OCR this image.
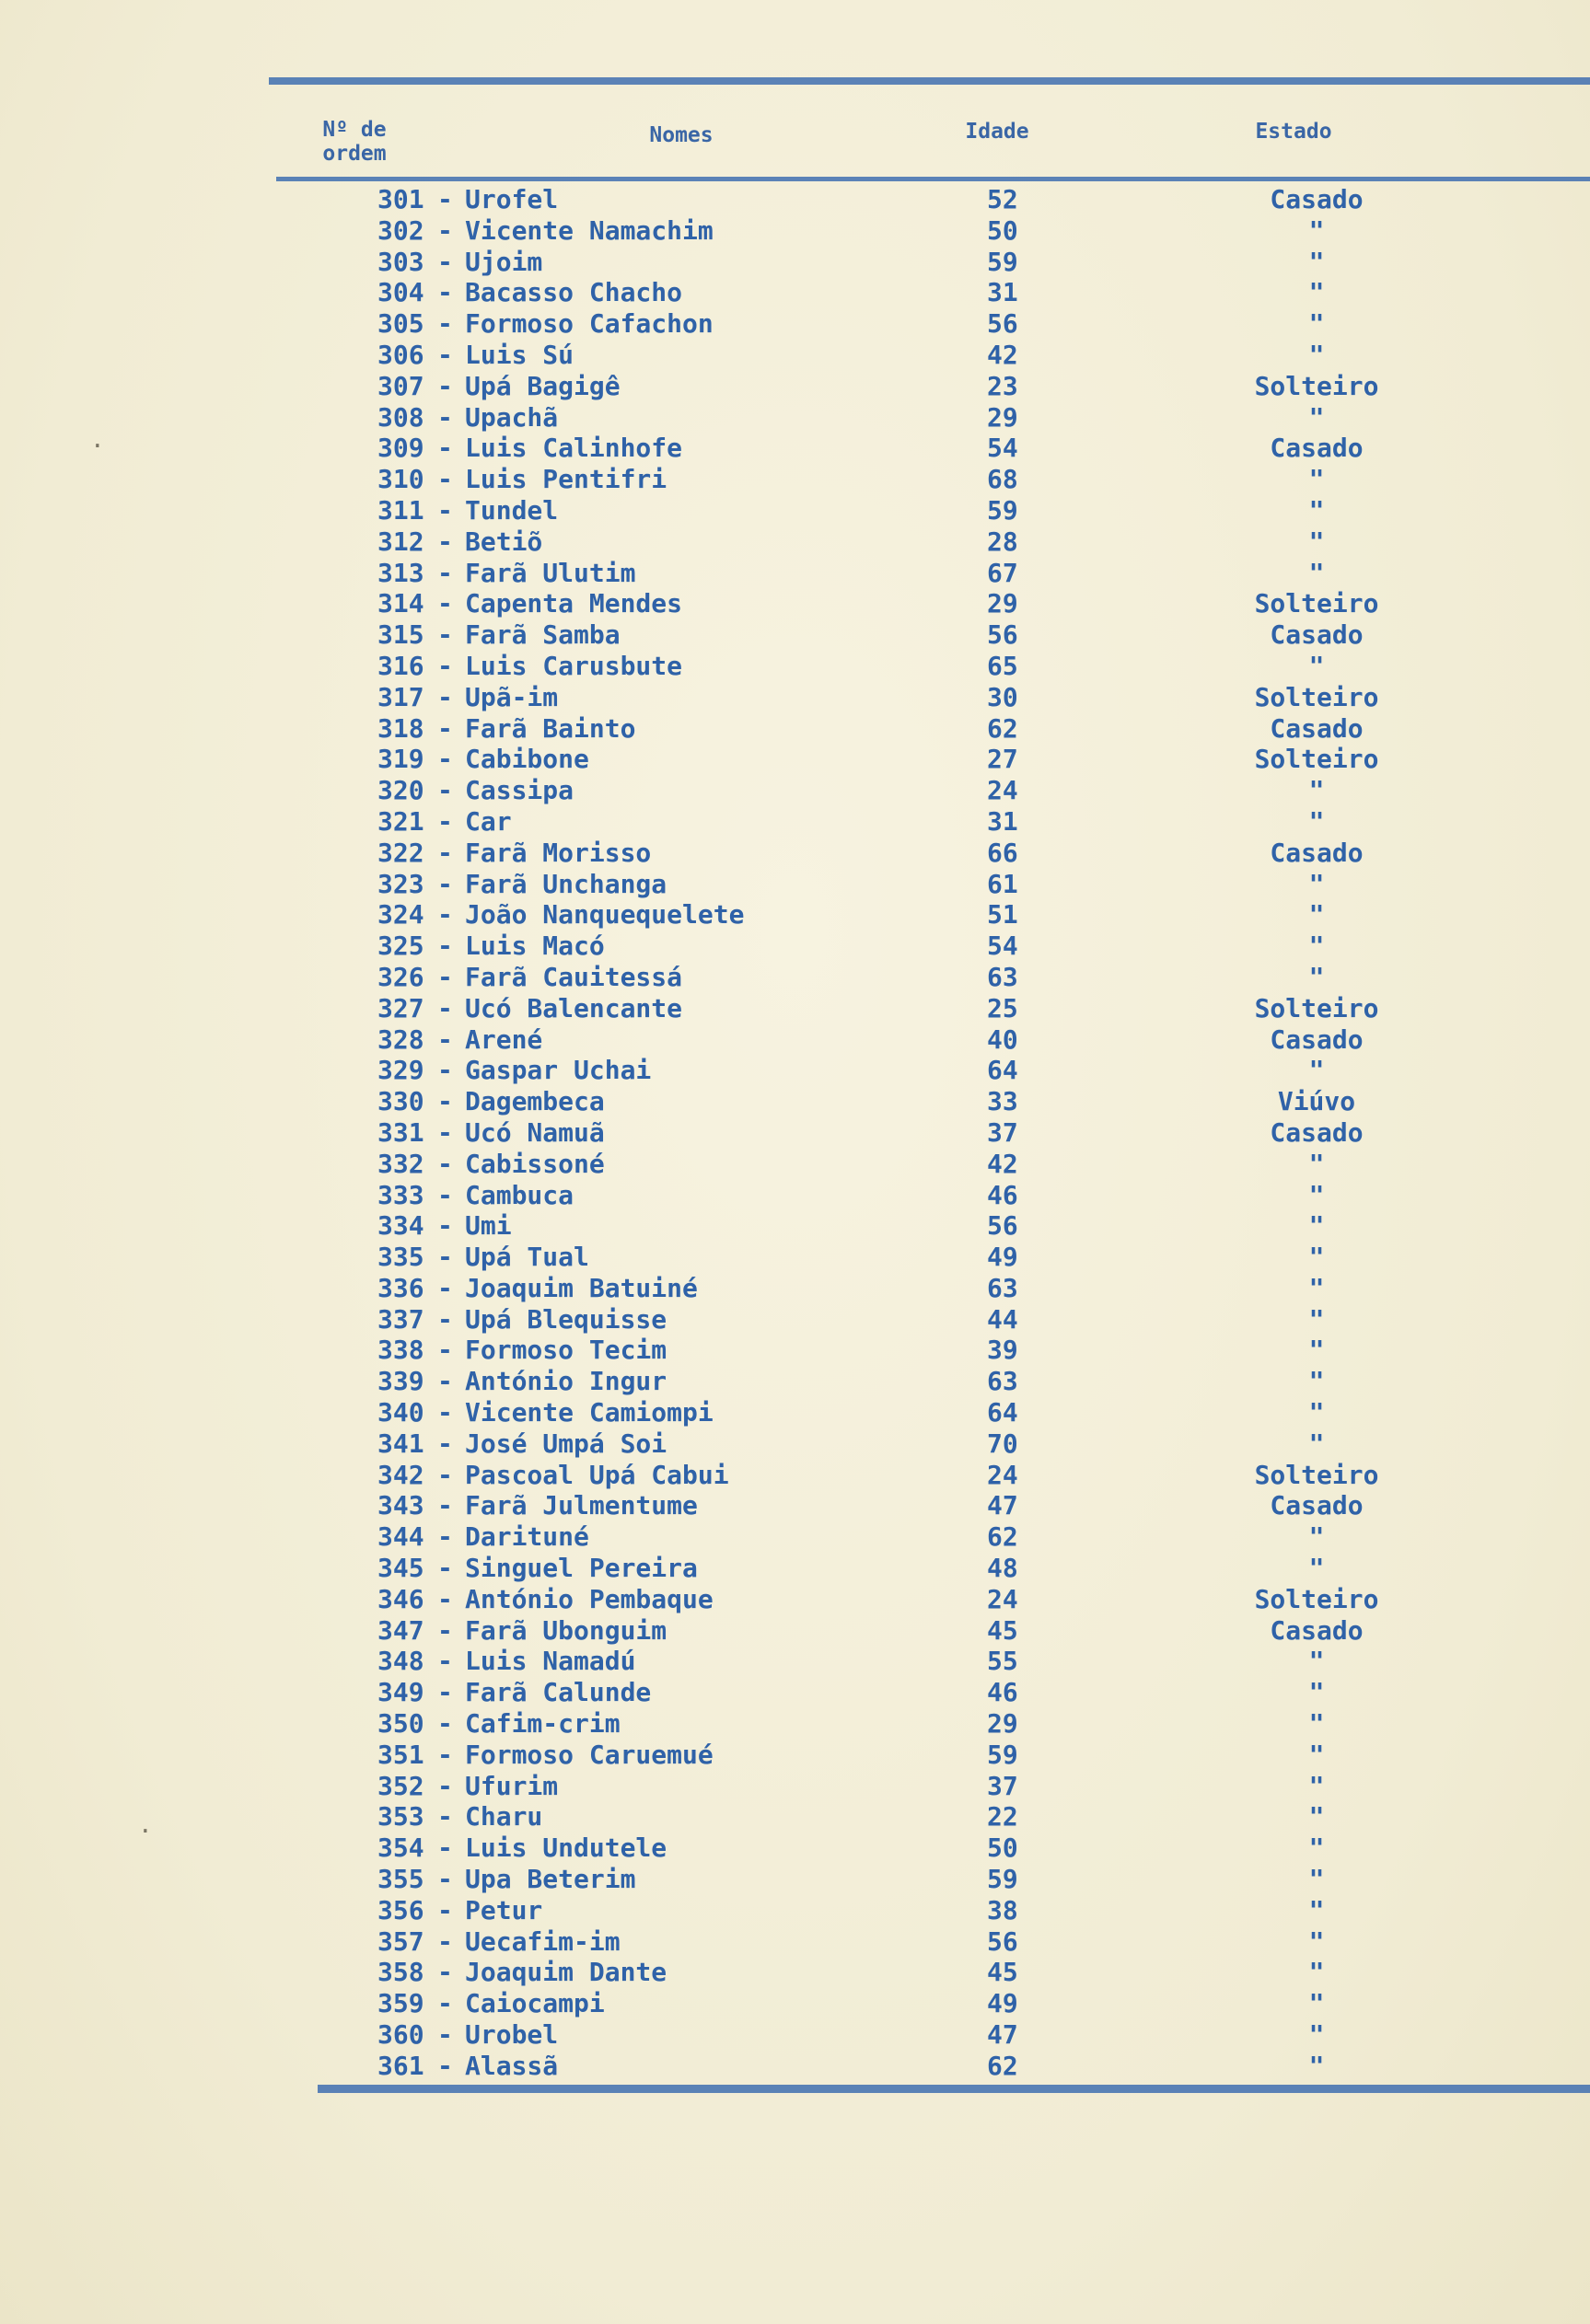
Nº de ordem
Nomes	Idade	Estado
301 - Urofel	52	Casado
302 - Vicente Namachim	50	"
303 - Ujoim	59	"
304 - Bacasso Chacho	31	"
305 - Formoso Cafachon	56	"
306 - Luis Sú	42	"
307 - Upá Bagigê	23	Solteiro
308 - Upachã	29	"
309 - Luis Calinhofe	54	Casado
310 - Luis Pentifri	68	"
311 - Tundel	59	"
312 - Betiõ	28	"
313 - Farã Ulutim	67	"
314 - Capenta Mendes	29	Solteiro
315 - Farã Samba	56	Casado
316 - Luis Carusbute	65	"
317 - Upã-im	30	Solteiro
318 - Farã Bainto	62	Casado
319 - Cabibone	27	Solteiro
320 - Cassipa	24	"
321 - Car	31	"
322 - Farã Morisso	66	Casado
323 - Farã Unchanga	61	"
324 - João Nanquequelete	51	"
325 - Luis Macó	54	"
326 - Farã Cauitessá	63	"
327 - Ucó Balencante	25	Solteiro
328 - Arené	40	Casado
329 - Gaspar Uchai	64	"
330 - Dagembeca	33	Viúvo
331 - Ucó Namuã	37	Casado
332 - Cabissoné	42	"
333 - Cambuca	46	"
334 - Umi	56	"
335 - Upá Tual	49	"
336 - Joaquim Batuiné	63	"
337 - Upá Blequisse	44	"
338 - Formoso Tecim	39	"
339 - António Ingur	63	"
340 - Vicente Camiompi	64	"
341 - José Umpá Soi	70	"
342 - Pascoal Upá Cabui	24	Solteiro
343 - Farã Julmentume	47	Casado
344 - Darituné	62	"
345 - Singuel Pereira	48	"
346 - António Pembaque	24	Solteiro
347 - Farã Ubonguim	45	Casado
348 - Luis Namadú	55	"
349 - Farã Calunde	46	"
350 - Cafim-crim	29	"
351 - Formoso Caruemué	59	"
352 - Ufurim	37	"
353 - Charu	22	"
354 - Luis Undutele	50	"
355 - Upa Beterim	59	"
356 - Petur	38	"
357 - Uecafim-im	56	"
358 - Joaquim Dante	45	"
359 - Caiocampi	49	"
360 - Urobel	47	"
361 - Alassã	62	"
·
·
